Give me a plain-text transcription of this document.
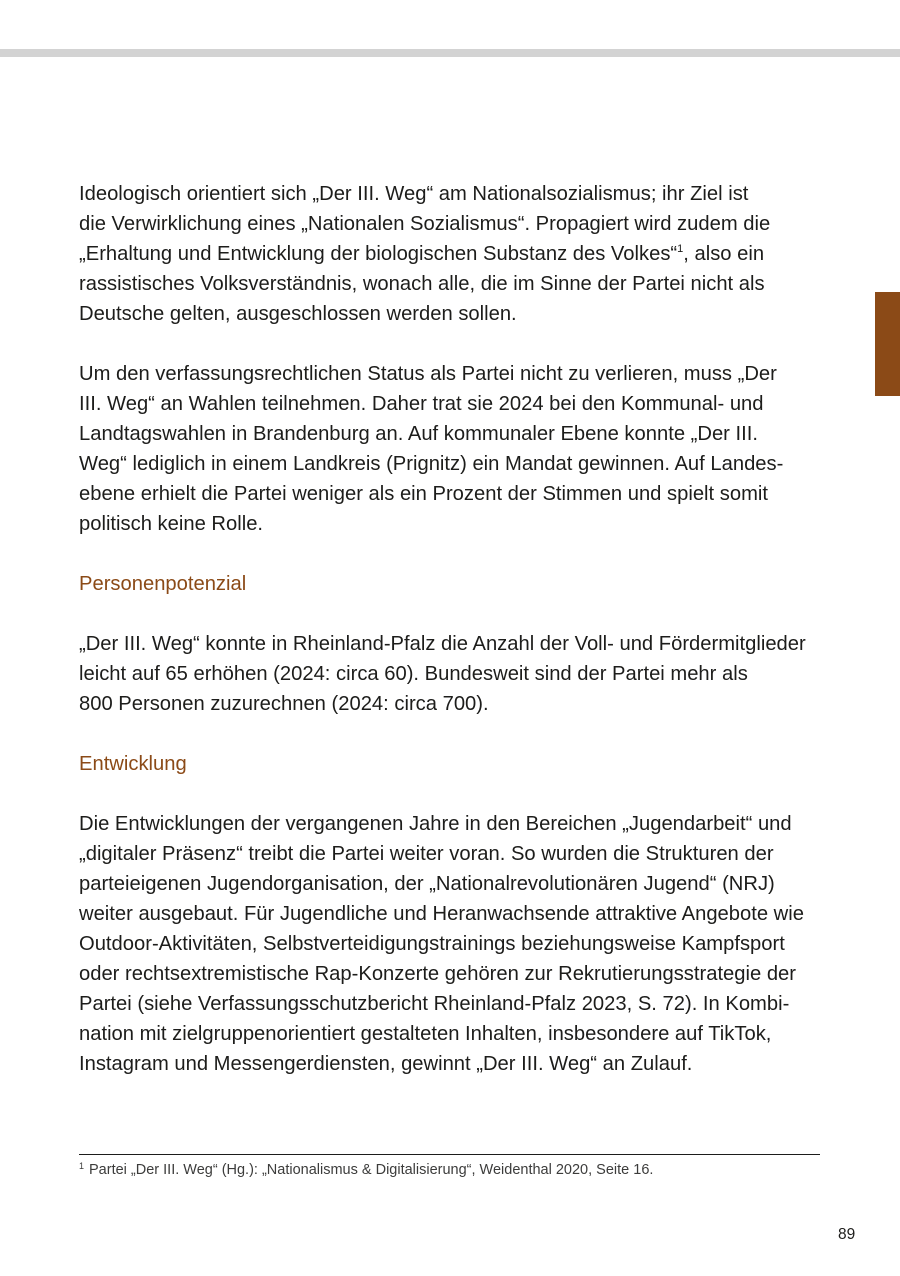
Ideologisch orientiert sich „Der III. Weg“ am Nationalsozialismus; ihr Ziel ist
die Verwirklichung eines „Nationalen Sozialismus“. Propagiert wird zudem die
„Erhaltung und Entwicklung der biologischen Substanz des Volkes“$^1$, also ein
rassistisches Volksverständnis, wonach alle, die im Sinne der Partei nicht als
Deutsche gelten, ausgeschlossen werden sollen.

Um den verfassungsrechtlichen Status als Partei nicht zu verlieren, muss „Der
III. Weg“ an Wahlen teilnehmen. Daher trat sie 2024 bei den Kommunal- und
Landtagswahlen in Brandenburg an. Auf kommunaler Ebene konnte „Der III.
Weg“ lediglich in einem Landkreis (Prignitz) ein Mandat gewinnen. Auf Landes-
ebene erhielt die Partei weniger als ein Prozent der Stimmen und spielt somit
politisch keine Rolle.

Personenpotenzial

„Der III. Weg“ konnte in Rheinland-Pfalz die Anzahl der Voll- und Fördermitglieder
leicht auf 65 erhöhen (2024: circa 60). Bundesweit sind der Partei mehr als
800 Personen zuzurechnen (2024: circa 700).

Entwicklung

Die Entwicklungen der vergangenen Jahre in den Bereichen „Jugendarbeit“ und
„digitaler Präsenz“ treibt die Partei weiter voran. So wurden die Strukturen der
parteieigenen Jugendorganisation, der „Nationalrevolutionären Jugend“ (NRJ)
weiter ausgebaut. Für Jugendliche und Heranwachsende attraktive Angebote wie
Outdoor-Aktivitäten, Selbstverteidigungstrainings beziehungsweise Kampfsport
oder rechtsextremistische Rap-Konzerte gehören zur Rekrutierungsstrategie der
Partei (siehe Verfassungsschutzbericht Rheinland-Pfalz 2023, S. 72). In Kombi-
nation mit zielgruppenorientiert gestalteten Inhalten, insbesondere auf TikTok,
Instagram und Messengerdiensten, gewinnt „Der III. Weg“ an Zulauf.

$^1$ Partei „Der III. Weg“ (Hg.): „Nationalismus & Digitalisierung“, Weidenthal 2020, Seite 16.
89
